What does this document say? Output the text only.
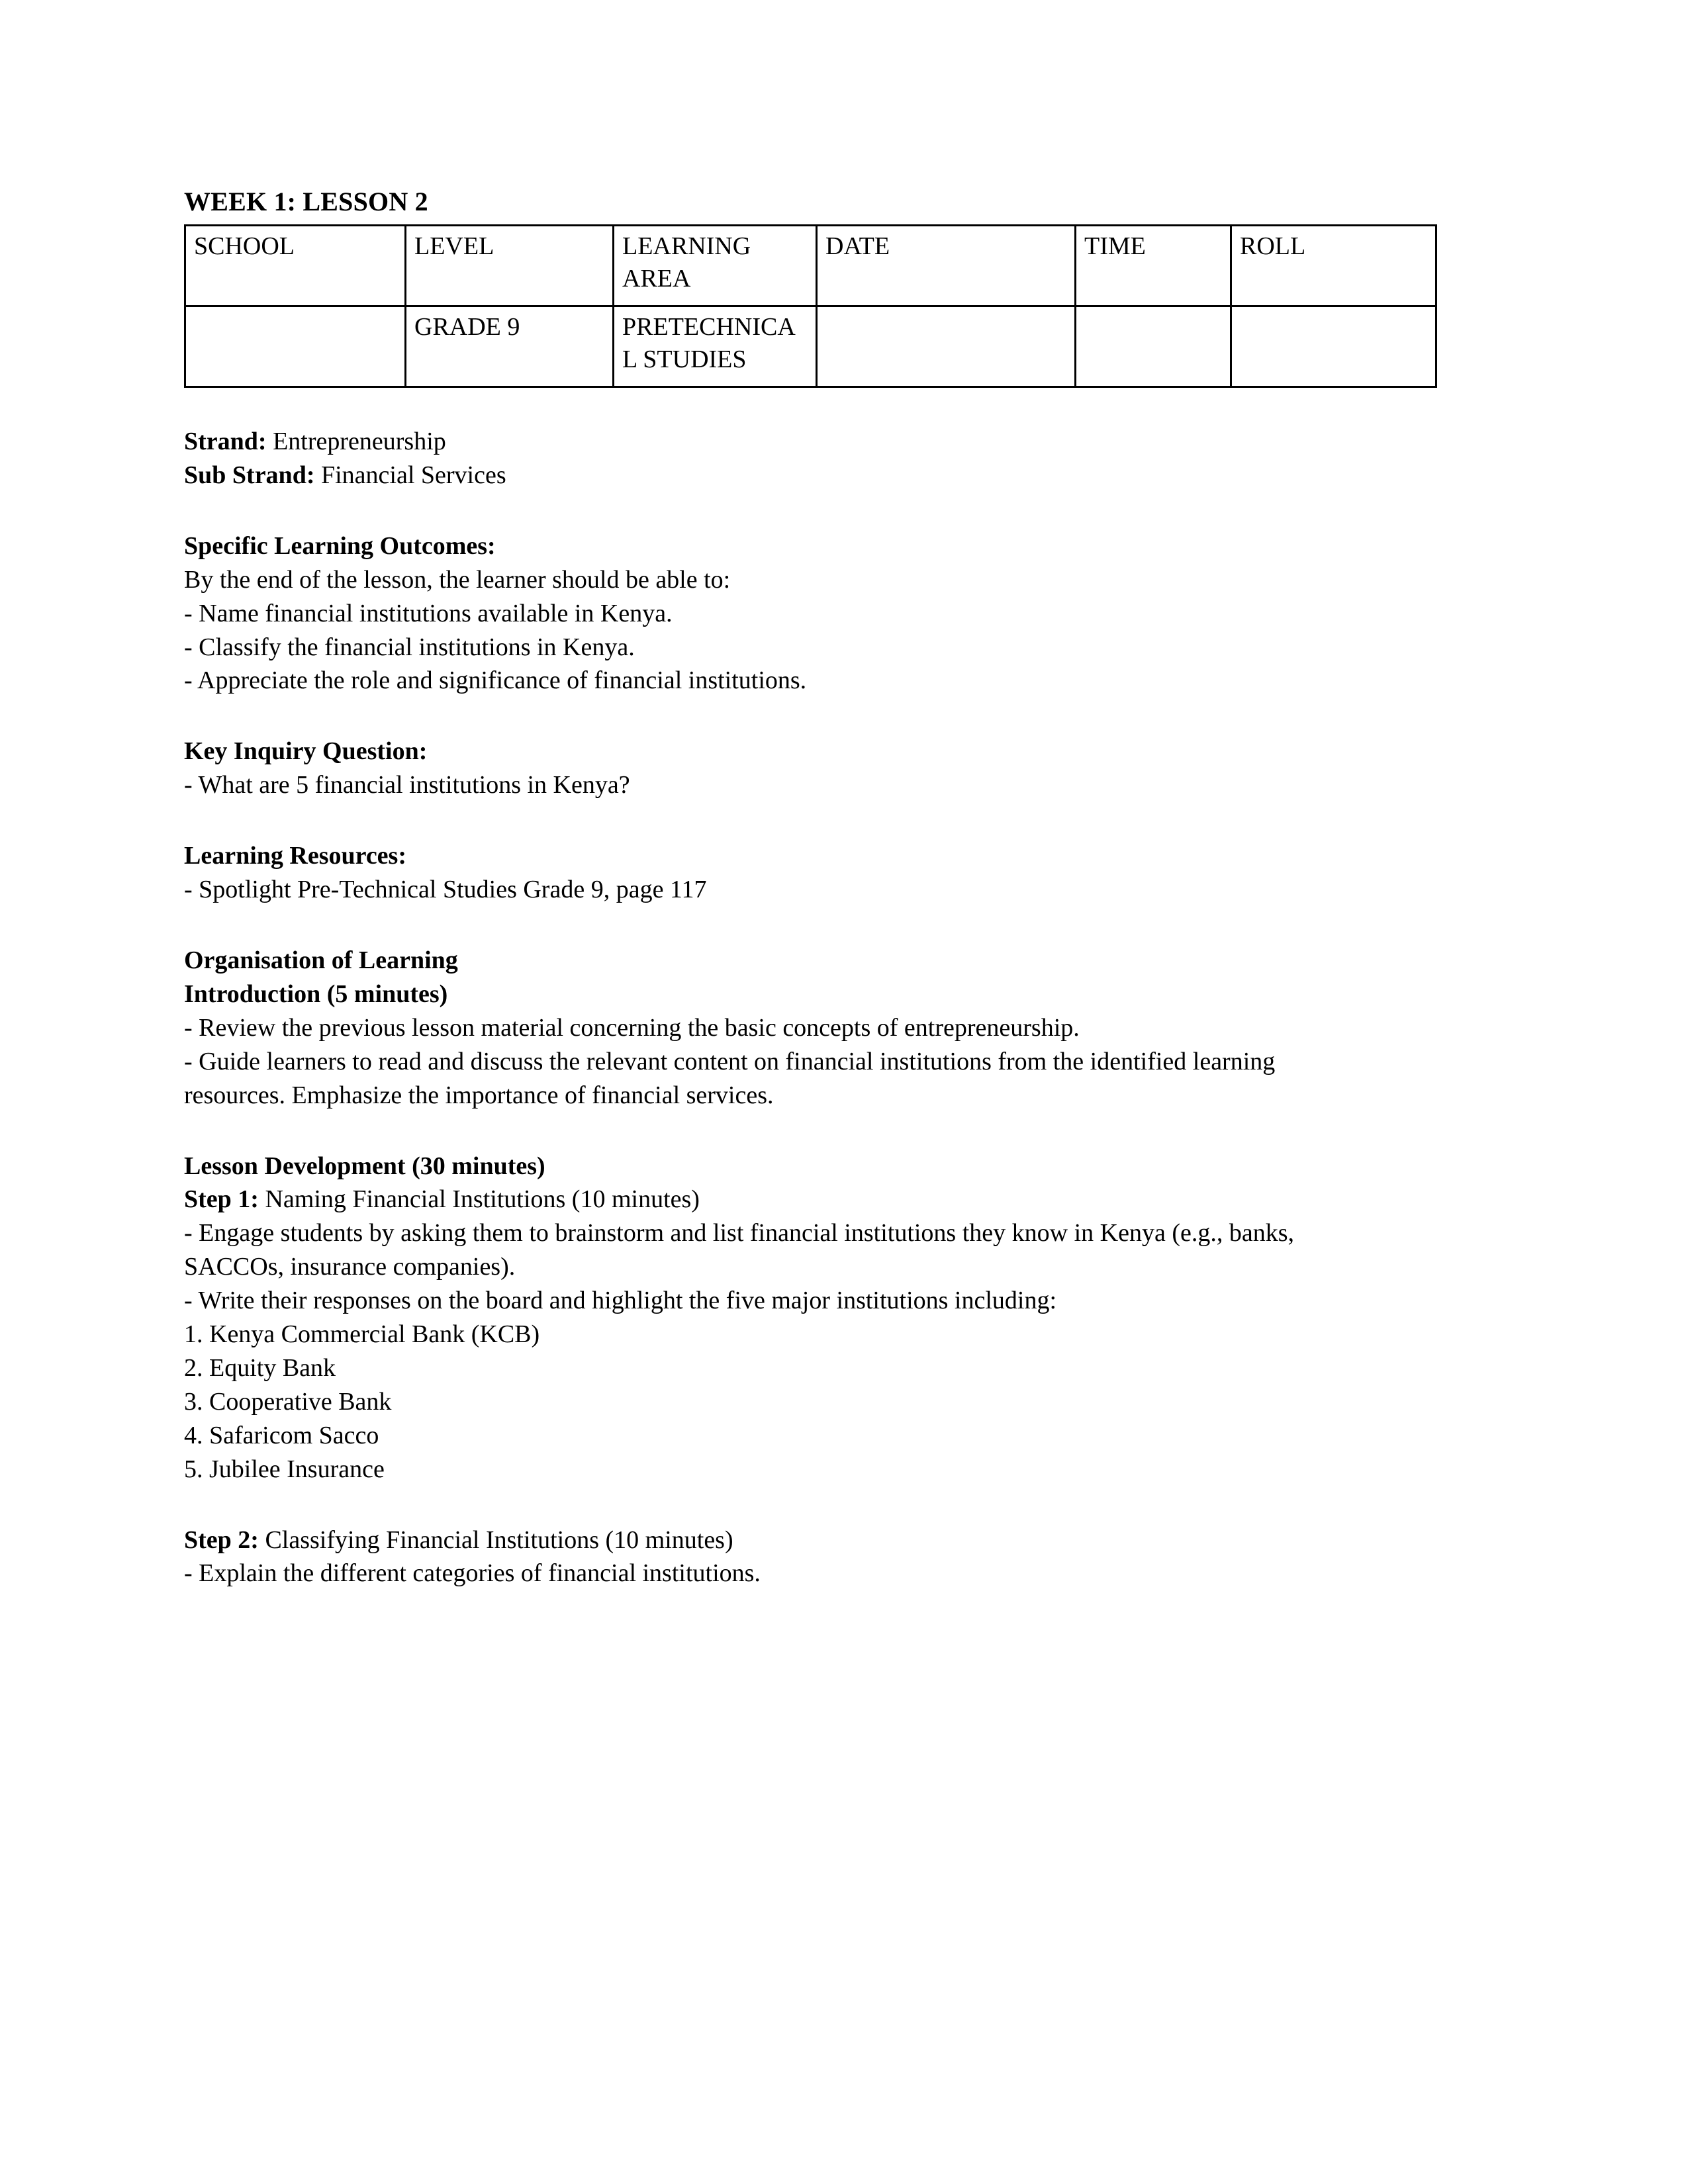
WEEK 1: LESSON 2
SCHOOL	LEVEL	LEARNING AREA	DATE	TIME	ROLL
	GRADE 9	PRETECHNICAL STUDIES			

Strand: Entrepreneurship

Sub Strand: Financial Services

Specific Learning Outcomes:

By the end of the lesson, the learner should be able to:

- Name financial institutions available in Kenya.

- Classify the financial institutions in Kenya.

- Appreciate the role and significance of financial institutions.

Key Inquiry Question:

- What are 5 financial institutions in Kenya?

Learning Resources:

- Spotlight Pre-Technical Studies Grade 9, page 117

Organisation of Learning

Introduction (5 minutes)

- Review the previous lesson material concerning the basic concepts of entrepreneurship.

- Guide learners to read and discuss the relevant content on financial institutions from the identified learning resources. Emphasize the importance of financial services.

Lesson Development (30 minutes)

Step 1: Naming Financial Institutions (10 minutes)

- Engage students by asking them to brainstorm and list financial institutions they know in Kenya (e.g., banks, SACCOs, insurance companies).

- Write their responses on the board and highlight the five major institutions including:

1. Kenya Commercial Bank (KCB)

2. Equity Bank

3. Cooperative Bank

4. Safaricom Sacco

5. Jubilee Insurance

Step 2: Classifying Financial Institutions (10 minutes)

- Explain the different categories of financial institutions.
